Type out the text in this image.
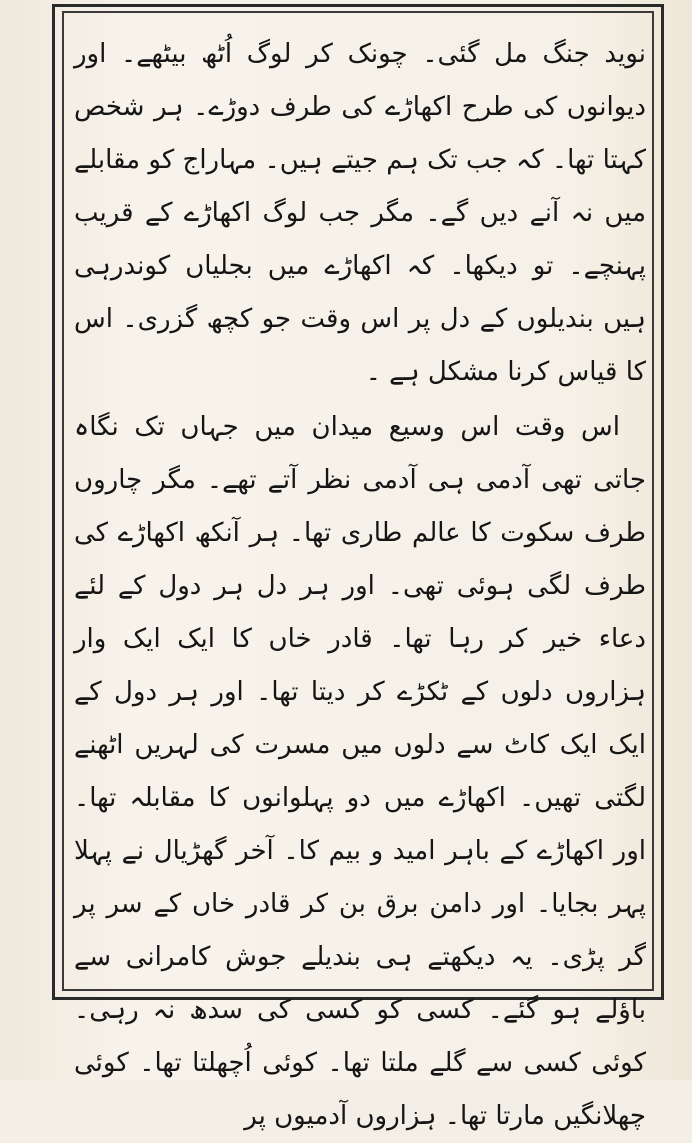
نوید جنگ مل گئی۔ چونک کر لوگ اُٹھ بیٹھے۔ اور دیوانوں کی طرح اکھاڑے کی طرف دوڑے۔ ہر شخص کہتا تھا۔ کہ جب تک ہم جیتے ہیں۔ مہاراج کو مقابلے میں نہ آنے دیں گے۔ مگر جب لوگ اکھاڑے کے قریب پہنچے۔ تو دیکھا۔ کہ اکھاڑے میں بجلیاں کوندرہی ہیں بندیلوں کے دل پر اس وقت جو کچھ گزری۔ اس کا قیاس کرنا مشکل ہے ۔

اس وقت اس وسیع میدان میں جہاں تک نگاہ جاتی تھی آدمی ہی آدمی نظر آتے تھے۔ مگر چاروں طرف سکوت کا عالم طاری تھا۔ ہر آنکھ اکھاڑے کی طرف لگی ہوئی تھی۔ اور ہر دل ہر دول کے لئے دعاء خیر کر رہا تھا۔ قادر خاں کا ایک ایک وار ہزاروں دلوں کے ٹکڑے کر دیتا تھا۔ اور ہر دول کے ایک ایک کاٹ سے دلوں میں مسرت کی لہریں اٹھنے لگتی تھیں۔ اکھاڑے میں دو پہلوانوں کا مقابلہ تھا۔ اور اکھاڑے کے باہر امید و بیم کا۔ آخر گھڑیال نے پہلا پہر بجایا۔ اور دامن برق بن کر قادر خاں کے سر پر گر پڑی۔ یہ دیکھتے ہی بندیلے جوش کامرانی سے باؤلے ہو گئے۔ کسی کو کسی کی سدھ نہ رہی۔ کوئی کسی سے گلے ملتا تھا۔ کوئی اُچھلتا تھا۔ کوئی چھلانگیں مارتا تھا۔ ہزاروں آدمیوں پر
